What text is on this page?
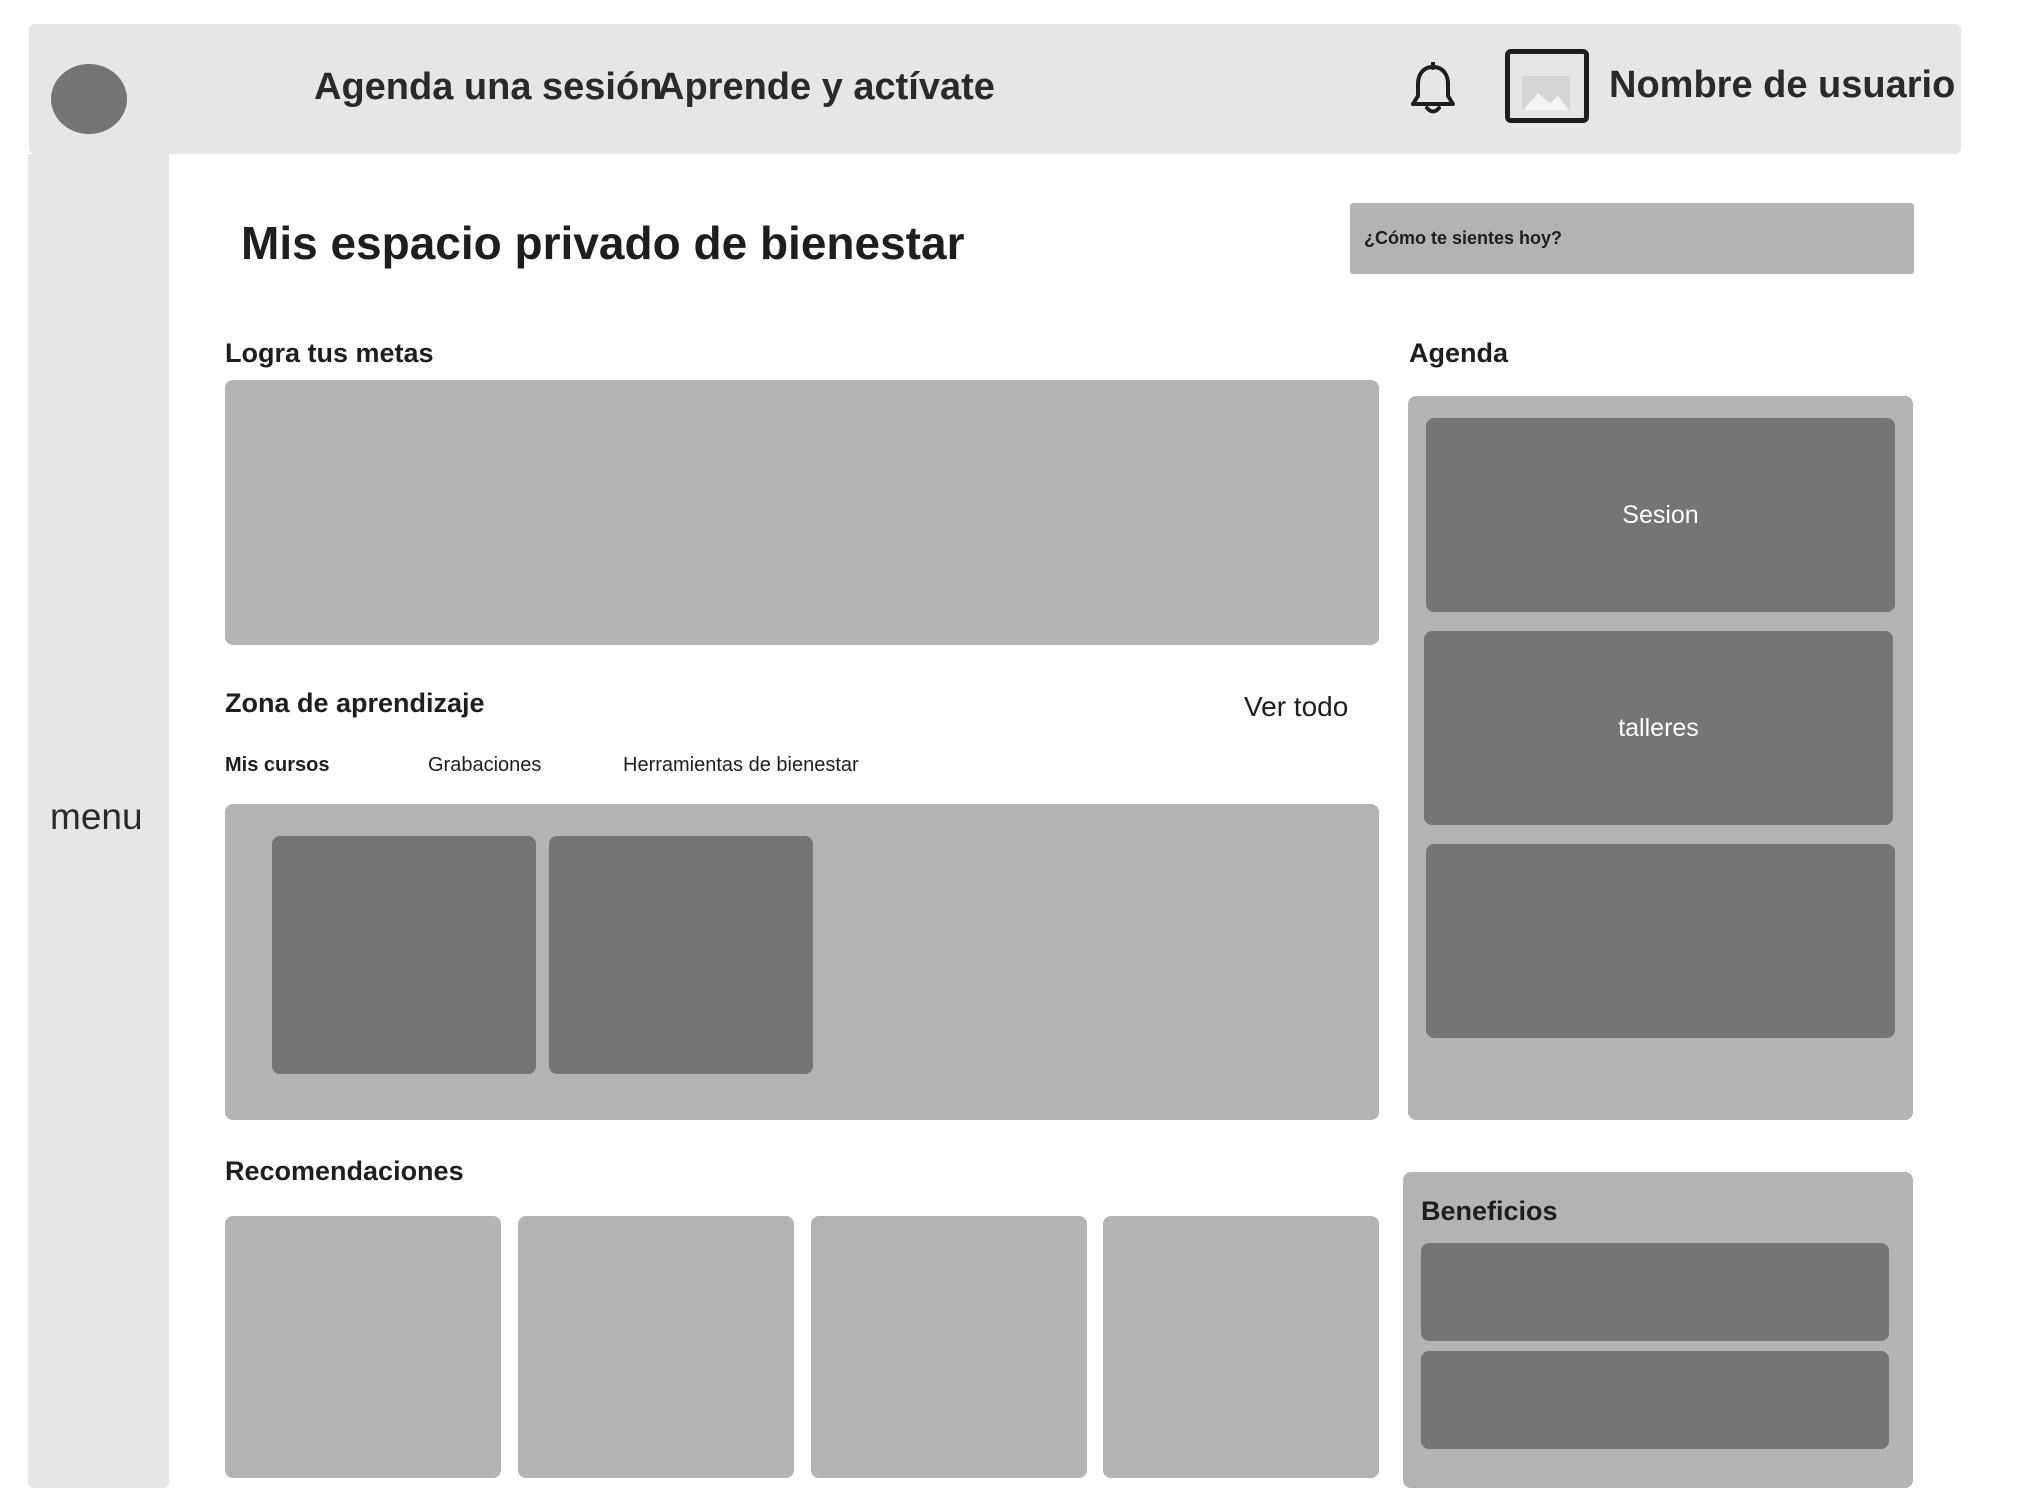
Agenda una sesión
Aprende y actívate	Nombre de usuario
menu
Mis espacio privado de bienestar	¿Cómo te sientes hoy?
Logra tus metas
Zona de aprendizaje	Ver todo
Mis cursos	Grabaciones	Herramientas de bienestar
Recomendaciones
Agenda
Sesion
talleres
Beneficios
